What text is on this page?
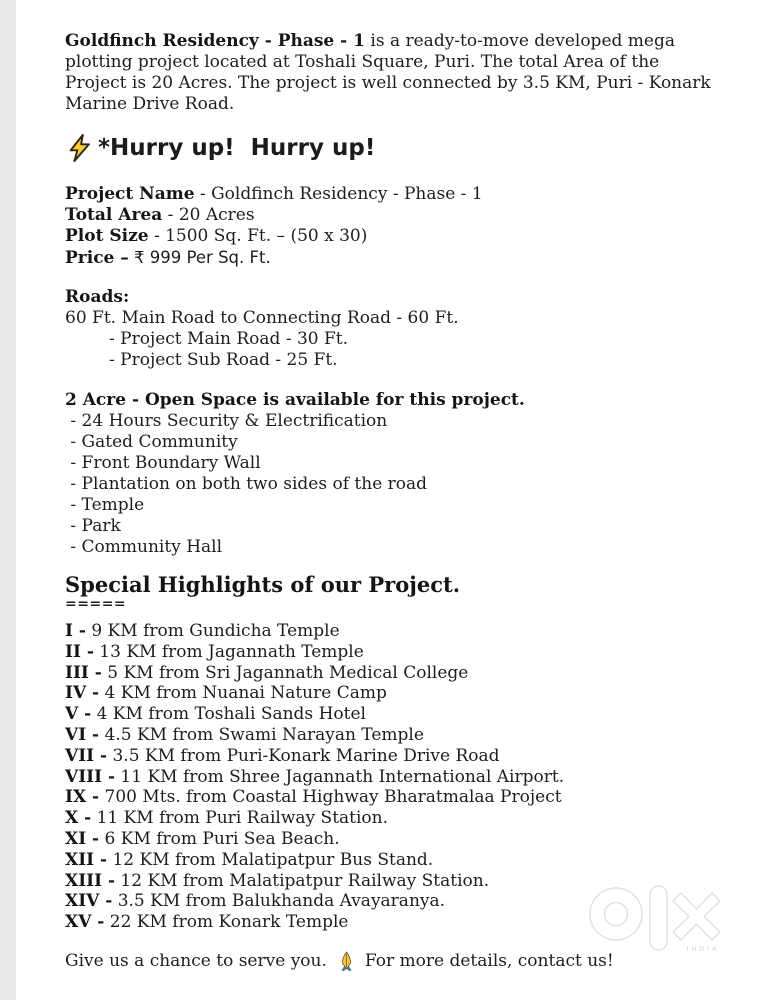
Goldfinch Residency - Phase - 1 is a ready-to-move developed mega plotting project located at Toshali Square, Puri. The total Area of the Project is 20 Acres. The project is well connected by 3.5 KM, Puri - Konark Marine Drive Road.
*Hurry up!  Hurry up!
Project Name - Goldfinch Residency - Phase - 1
Total Area - 20 Acres
Plot Size - 1500 Sq. Ft. – (50 x 30)
Price – ₹ 999 Per Sq. Ft.
Roads:
60 Ft. Main Road to Connecting Road - 60 Ft.
- Project Main Road - 30 Ft.
- Project Sub Road - 25 Ft.
2 Acre - Open Space is available for this project.
- 24 Hours Security & Electrification
- Gated Community
- Front Boundary Wall
- Plantation on both two sides of the road
- Temple
- Park
- Community Hall
Special Highlights of our Project.
=====
I - 9 KM from Gundicha Temple
II - 13 KM from Jagannath Temple
III - 5 KM from Sri Jagannath Medical College
IV - 4 KM from Nuanai Nature Camp
V - 4 KM from Toshali Sands Hotel
VI - 4.5 KM from Swami Narayan Temple
VII - 3.5 KM from Puri-Konark Marine Drive Road
VIII - 11 KM from Shree Jagannath International Airport.
IX - 700 Mts. from Coastal Highway Bharatmalaa Project
X - 11 KM from Puri Railway Station.
XI - 6 KM from Puri Sea Beach.
XII - 12 KM from Malatipatpur Bus Stand.
XIII - 12 KM from Malatipatpur Railway Station.
XIV - 3.5 KM from Balukhanda Avayaranya.
XV - 22 KM from Konark Temple
Give us a chance to serve you. For more details, contact us!
INDIA
